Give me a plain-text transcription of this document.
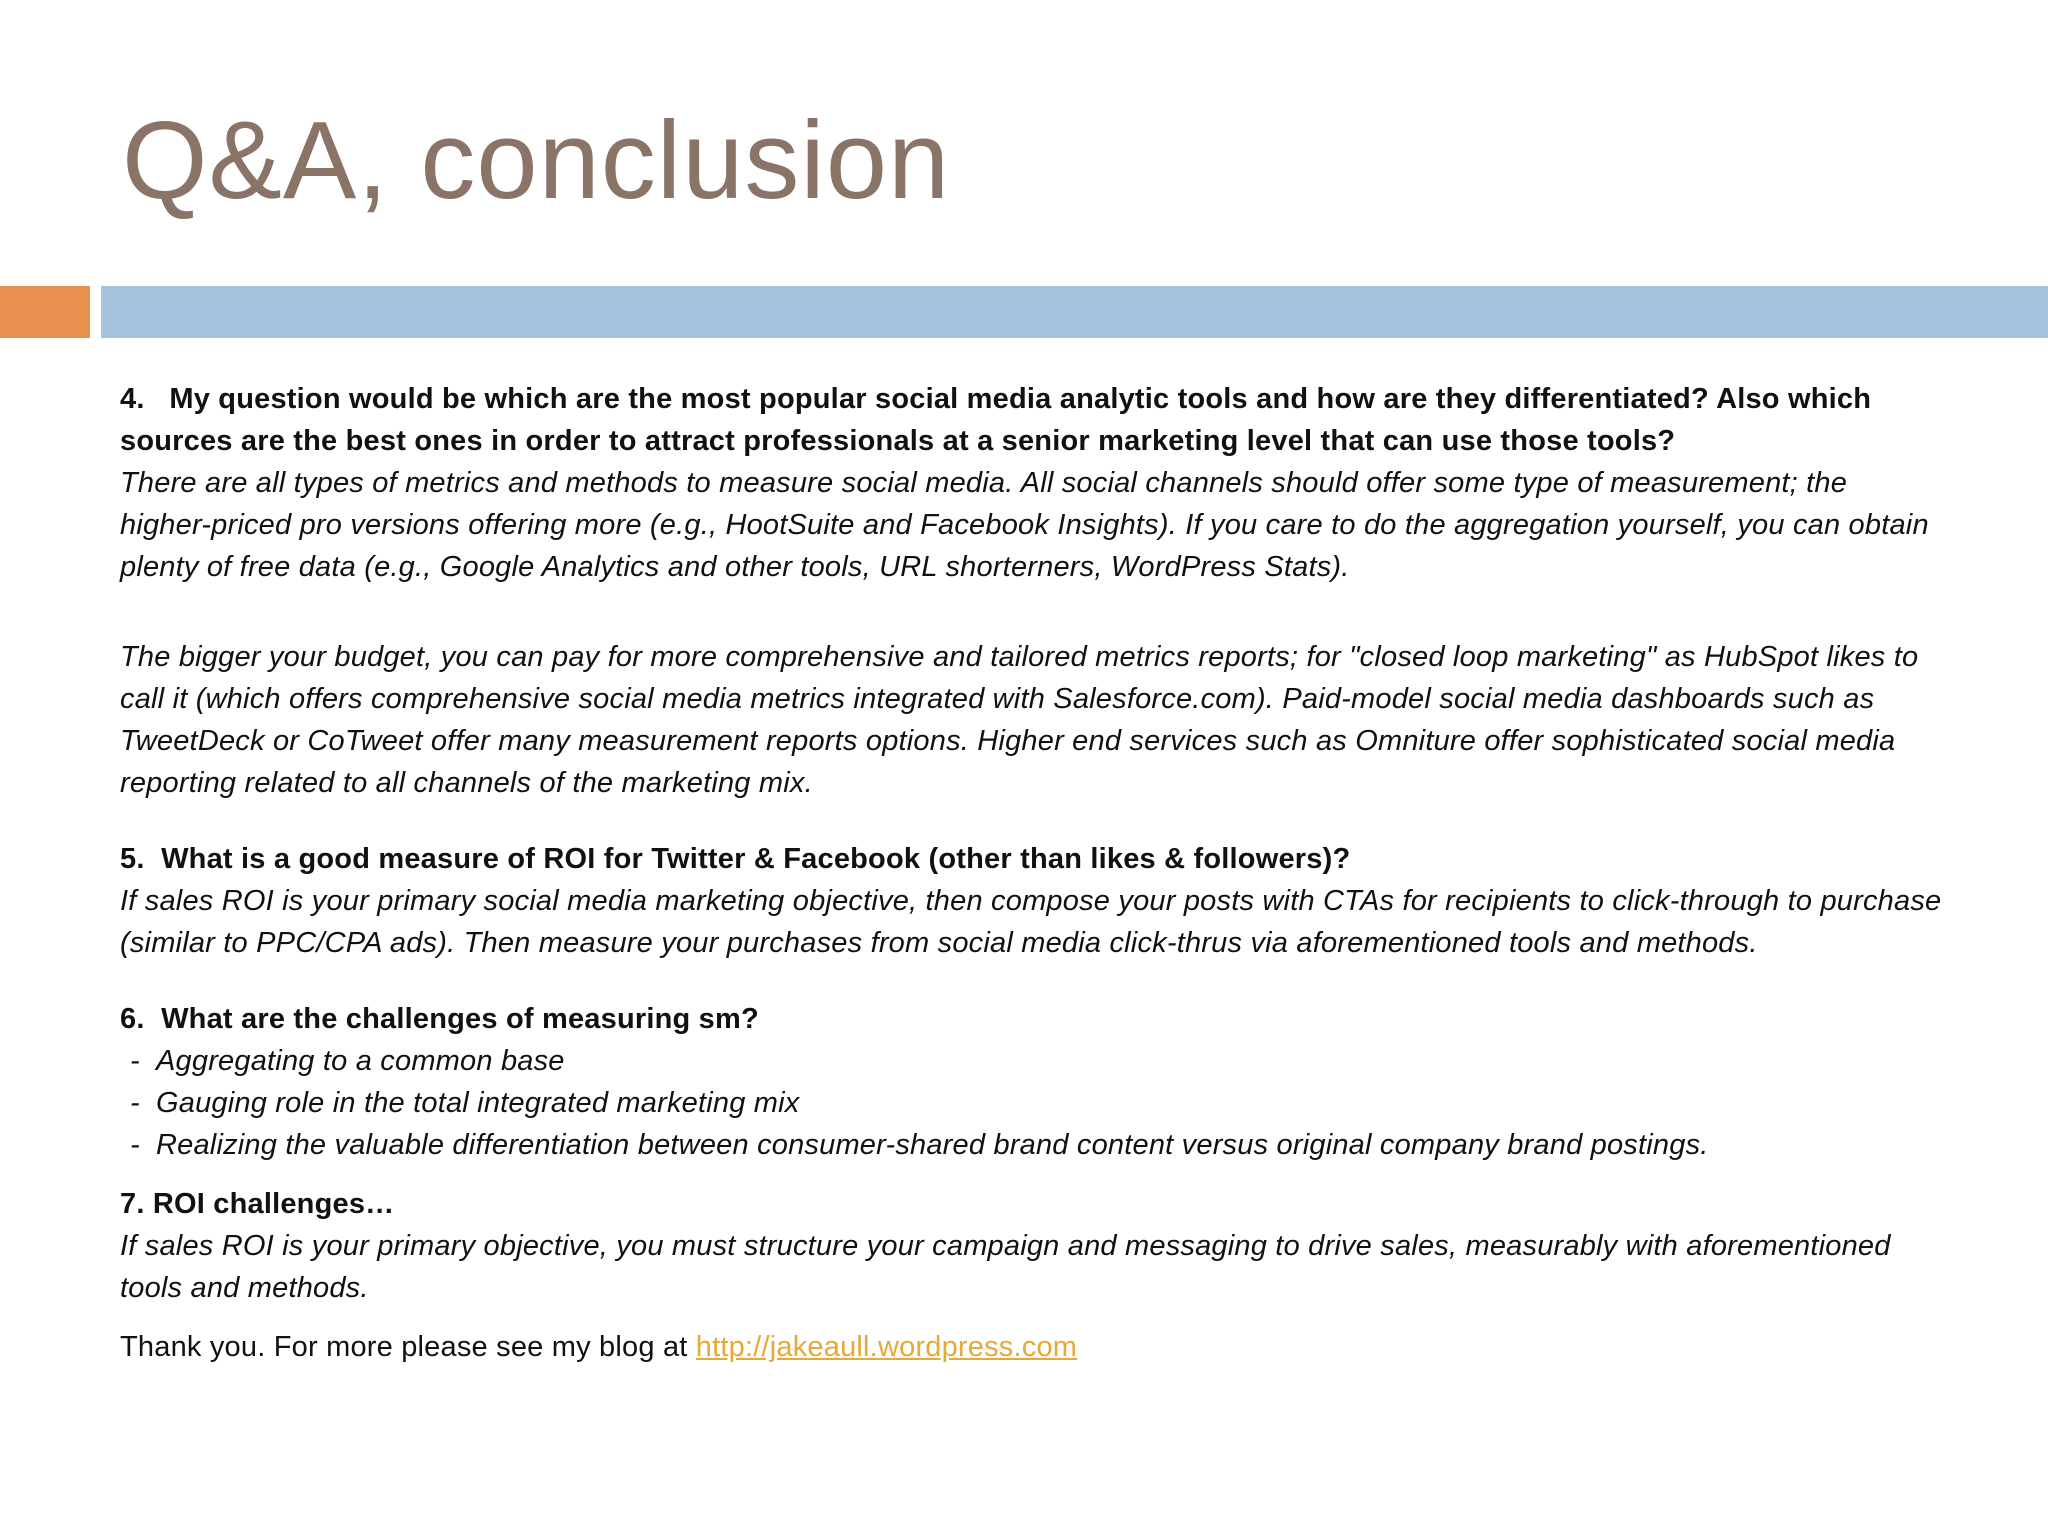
Q&A, conclusion

4.   My question would be which are the most popular social media analytic tools and how are they differentiated? Also which sources are the best ones in order to attract professionals at a senior marketing level that can use those tools?

There are all types of metrics and methods to measure social media. All social channels should offer some type of measurement; the higher-priced pro versions offering more (e.g., HootSuite and Facebook Insights). If you care to do the aggregation yourself, you can obtain plenty of free data (e.g., Google Analytics and other tools, URL shorterners, WordPress Stats).

The bigger your budget, you can pay for more comprehensive and tailored metrics reports; for "closed loop marketing" as HubSpot likes to call it (which offers comprehensive social media metrics integrated with Salesforce.com). Paid-model social media dashboards such as TweetDeck or CoTweet offer many measurement reports options. Higher end services such as Omniture offer sophisticated social media reporting related to all channels of the marketing mix.

5.  What is a good measure of ROI for Twitter & Facebook (other than likes & followers)?

If sales ROI is your primary social media marketing objective, then compose your posts with CTAs for recipients to click-through to purchase (similar to PPC/CPA ads). Then measure your purchases from social media click-thrus via aforementioned tools and methods.

6.  What are the challenges of measuring sm?

- Aggregating to a common base
- Gauging role in the total integrated marketing mix
- Realizing the valuable differentiation between consumer-shared brand content versus original company brand postings.

7. ROI challenges…

If sales ROI is your primary objective, you must structure your campaign and messaging to drive sales, measurably with aforementioned tools and methods.

Thank you. For more please see my blog at http://jakeaull.wordpress.com
